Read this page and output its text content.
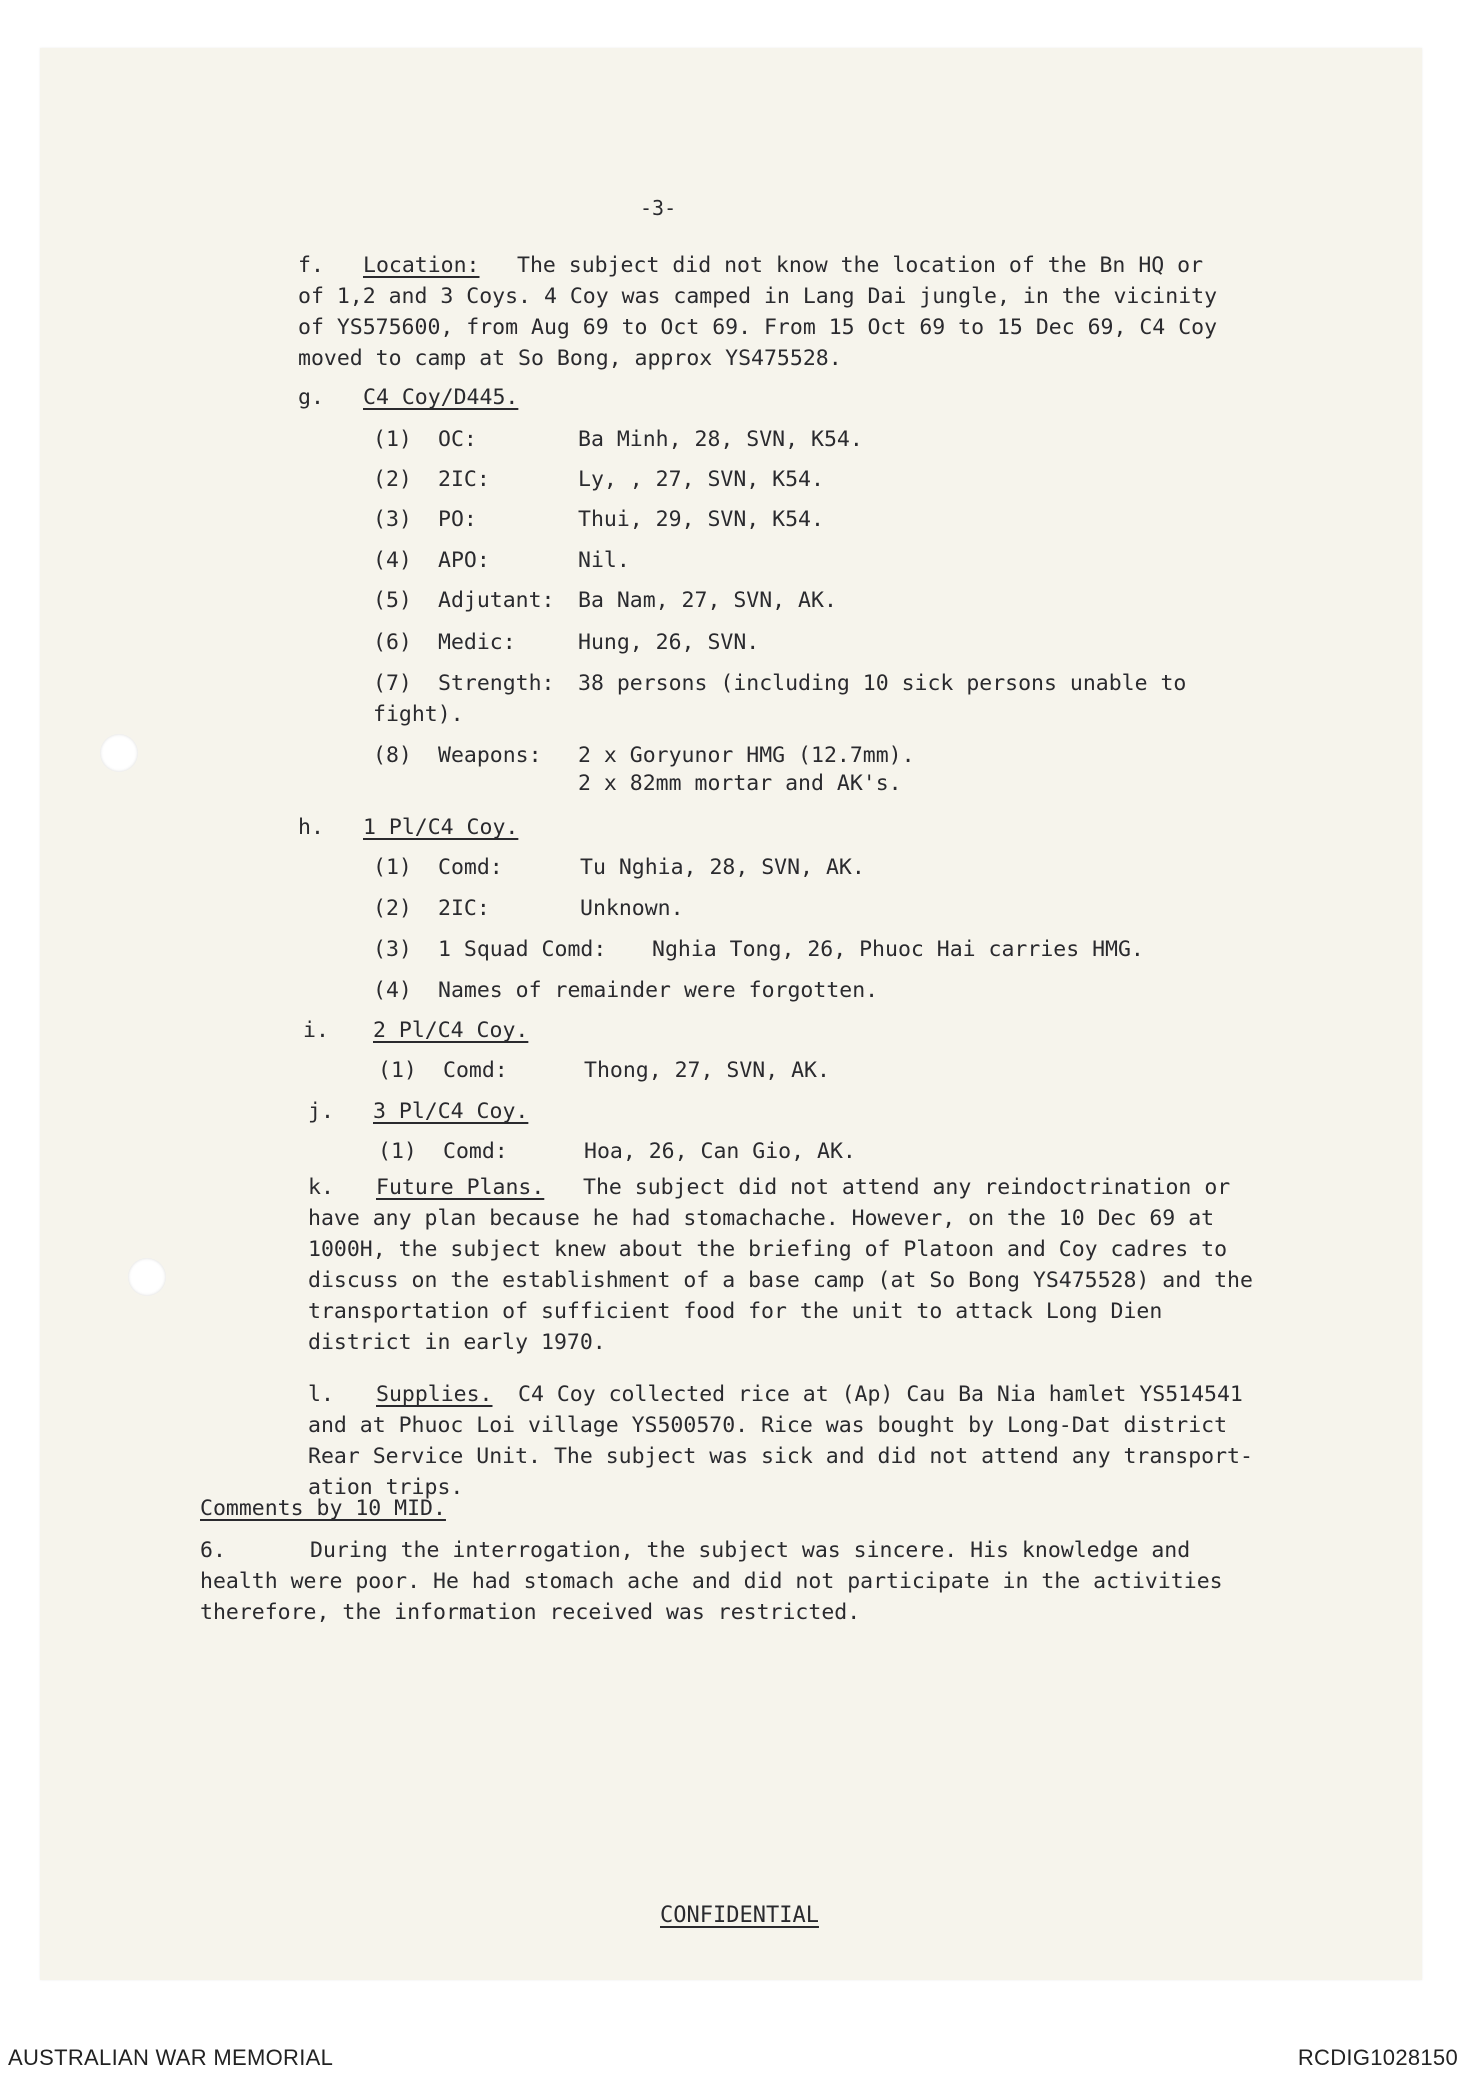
-3-
f. Location: The subject did not know the location of the Bn HQ or
of 1,2 and 3 Coys. 4 Coy was camped in Lang Dai jungle, in the vicinity
of YS575600, from Aug 69 to Oct 69. From 15 Oct 69 to 15 Dec 69, C4 Coy
moved to camp at So Bong, approx YS475528.
g. C4 Coy/D445.
(1) OC:	Ba Minh, 28, SVN, K54.
(2) 2IC:	Ly, , 27, SVN, K54.
(3) PO:	Thui, 29, SVN, K54.
(4) APO:	Nil.
(5) Adjutant: Ba Nam, 27, SVN, AK.
(6) Medic:	Hung, 26, SVN.
(7) Strength: 38 persons (including 10 sick persons unable to
fight).
(8) Weapons: 2 x Goryunor HMG (12.7mm).
2 x 82mm mortar and AK's.
h. 1 Pl/C4 Coy.
(1) Comd:	Tu Nghia, 28, SVN, AK.
(2) 2IC:	Unknown.
(3) 1 Squad Comd: Nghia Tong, 26, Phuoc Hai carries HMG.
(4) Names of remainder were forgotten.
i. 2 Pl/C4 Coy.
(1) Comd:	Thong, 27, SVN, AK.
j. 3 Pl/C4 Coy.
(1) Comd:	Hoa, 26, Can Gio, AK.
k. Future Plans. The subject did not attend any reindoctrination or
have any plan because he had stomachache. However, on the 10 Dec 69 at
1000H, the subject knew about the briefing of Platoon and Coy cadres to
discuss on the establishment of a base camp (at So Bong YS475528) and the
transportation of sufficient food for the unit to attack Long Dien
district in early 1970.
l. Supplies. C4 Coy collected rice at (Ap) Cau Ba Nia hamlet YS514541
and at Phuoc Loi village YS500570. Rice was bought by Long-Dat district
Rear Service Unit. The subject was sick and did not attend any transport-
ation trips.
Comments by 10 MID.
6.	During the interrogation, the subject was sincere. His knowledge and
health were poor. He had stomach ache and did not participate in the activities
therefore, the information received was restricted.
CONFIDENTIAL
AUSTRALIAN WAR MEMORIAL	RCDIG1028150
